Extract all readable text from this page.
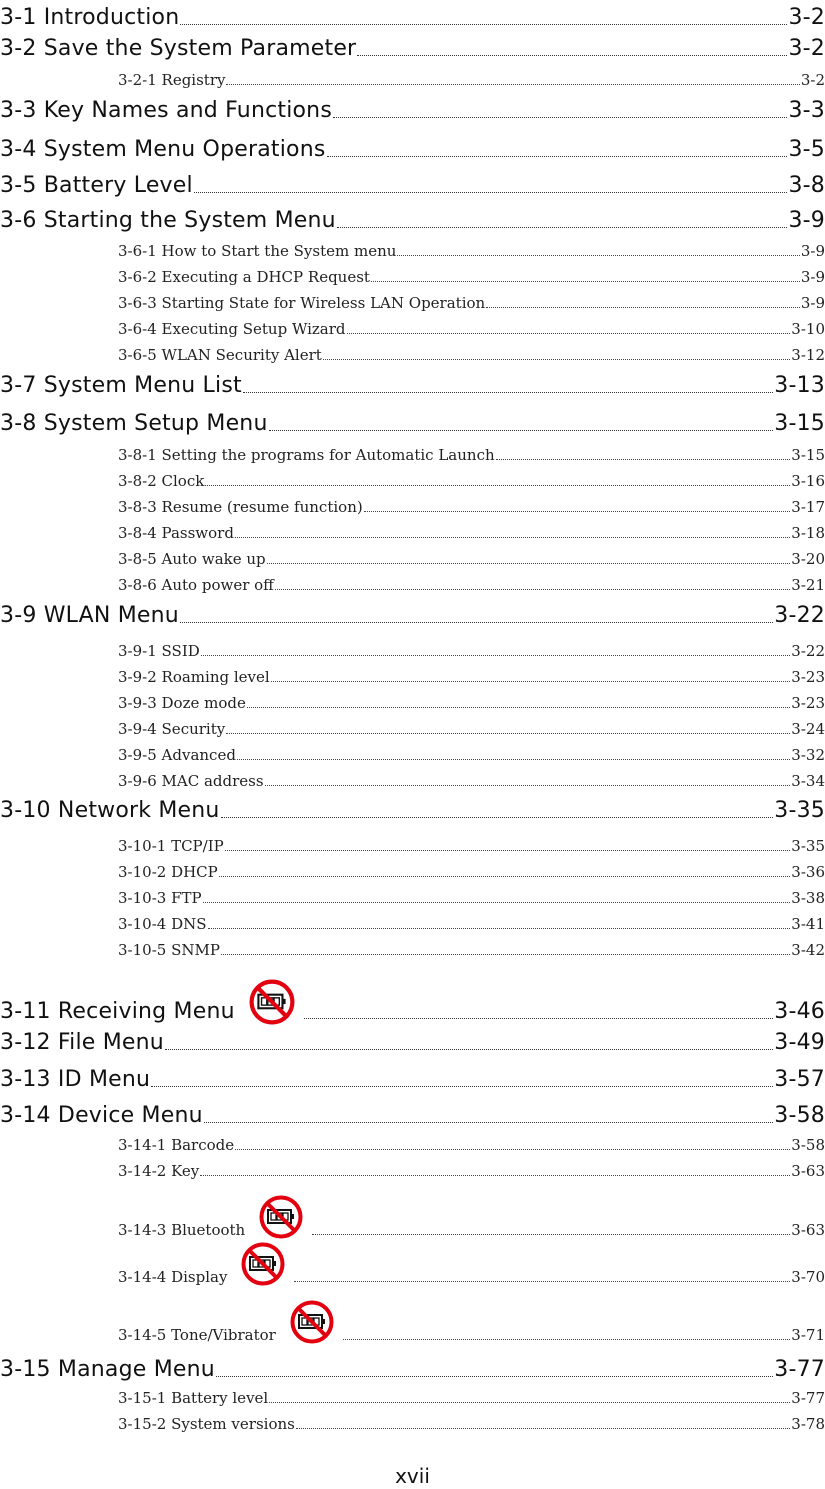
3-1 Introduction	3-2
3-2 Save the System Parameter	3-2
3-2-1 Registry	3-2
3-3 Key Names and Functions	3-3
3-4 System Menu Operations	3-5
3-5 Battery Level	3-8
3-6 Starting the System Menu	3-9
3-6-1 How to Start the System menu	3-9
3-6-2 Executing a DHCP Request	3-9
3-6-3 Starting State for Wireless LAN Operation	3-9
3-6-4 Executing Setup Wizard	3-10
3-6-5 WLAN Security Alert	3-12
3-7 System Menu List	3-13
3-8 System Setup Menu	3-15
3-8-1 Setting the programs for Automatic Launch	3-15
3-8-2 Clock	3-16
3-8-3 Resume (resume function)	3-17
3-8-4 Password	3-18
3-8-5 Auto wake up	3-20
3-8-6 Auto power off	3-21
3-9 WLAN Menu	3-22
3-9-1 SSID	3-22
3-9-2 Roaming level	3-23
3-9-3 Doze mode	3-23
3-9-4 Security	3-24
3-9-5 Advanced	3-32
3-9-6 MAC address	3-34
3-10 Network Menu	3-35
3-10-1 TCP/IP	3-35
3-10-2 DHCP	3-36
3-10-3 FTP	3-38
3-10-4 DNS	3-41
3-10-5 SNMP	3-42
3-11 Receiving Menu	3-46
3-12 File Menu	3-49
3-13 ID Menu	3-57
3-14 Device Menu	3-58
3-14-1 Barcode	3-58
3-14-2 Key	3-63
3-14-3 Bluetooth	3-63
3-14-4 Display	3-70
3-14-5 Tone/Vibrator	3-71
3-15 Manage Menu	3-77
3-15-1 Battery level	3-77
3-15-2 System versions	3-78
xvii
